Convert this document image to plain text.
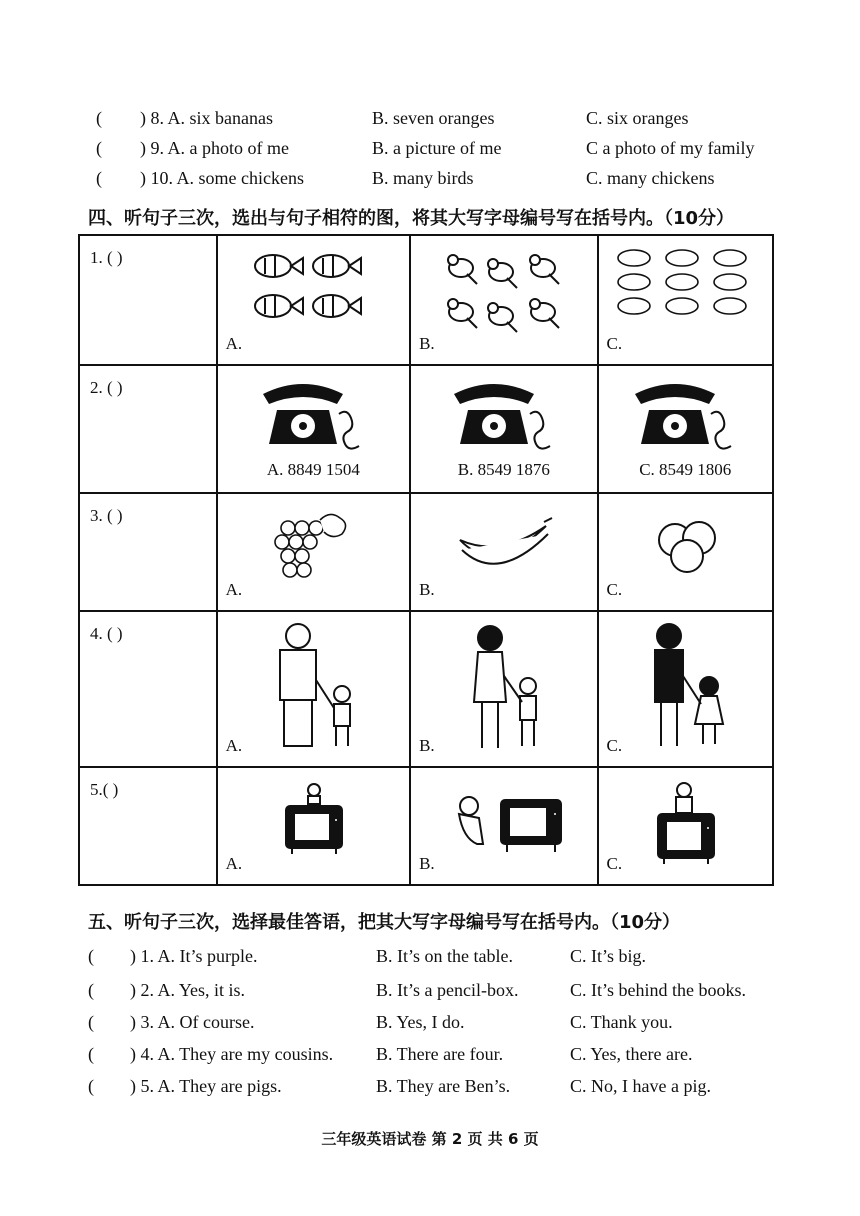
( ) 8. A. six bananas	B. seven oranges	C. six oranges
( ) 9. A. a photo of me	B. a picture of me	C a photo of my family
( ) 10. A. some chickens	B. many birds	C. many chickens
四、听句子三次，选出与句子相符的图，将其大写字母编号写在括号内。（10分）
1. ( )	A.	B.	C.

2. ( )	A. 8849 1504	B. 8549 1876	C. 8549 1806

3. ( )	A.	B.	C.

4. ( )	A.	B.	C.

5.( )	A.	B.	C.
五、听句子三次，选择最佳答语，把其大写字母编号写在括号内。（10分）
( ) 1. A. It’s purple.	B. It’s on the table.	C. It’s big.
( ) 2. A. Yes, it is.	B. It’s a pencil-box.	C. It’s behind the books.
( ) 3. A. Of course.	B. Yes, I do.	C. Thank you.
( ) 4. A. They are my cousins. B. There are four.	C. Yes, there are.
( ) 5. A. They are pigs.	B. They are Ben’s.	C. No, I have a pig.
三年级英语试卷 第 2 页 共 6 页
